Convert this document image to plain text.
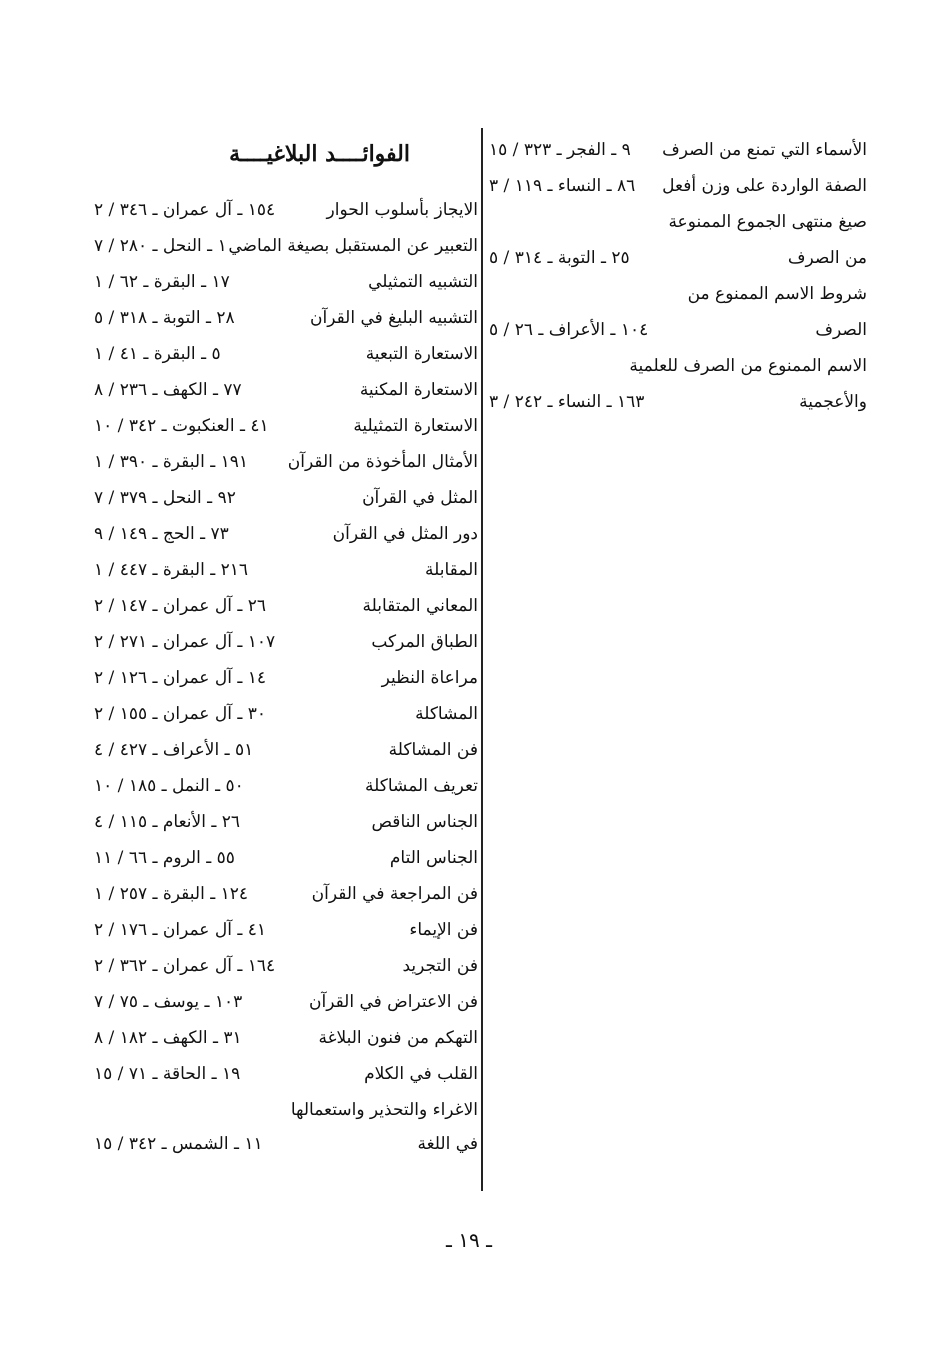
الأسماء التي تمنع من الصرف
٩ ـ الفجر ـ ٣٢٣ / ١٥
الصفة الواردة على وزن أفعل
٨٦ ـ النساء ـ ١١٩ / ٣
صيغ منتهى الجموع الممنوعة
من الصرف
٢٥ ـ التوبة ـ ٣١٤ / ٥
شروط الاسم الممنوع من
الصرف
١٠٤ ـ الأعراف ـ ٢٦ / ٥
الاسم الممنوع من الصرف للعلمية
والأعجمية
١٦٣ ـ النساء ـ ٢٤٢ / ٣
الفوائــــد البلاغيــــة
الايجاز بأسلوب الحوار
١٥٤ ـ آل عمران ـ ٣٤٦ / ٢
التعبير عن المستقبل بصيغة الماضي
١ ـ النحل ـ ٢٨٠ / ٧
التشبيه التمثيلي
١٧ ـ البقرة ـ ٦٢ / ١
التشبيه البليغ في القرآن
٢٨ ـ التوبة ـ ٣١٨ / ٥
الاستعارة التبعية
٥ ـ البقرة ـ ٤١ / ١
الاستعارة المكنية
٧٧ ـ الكهف ـ ٢٣٦ / ٨
الاستعارة التمثيلية
٤١ ـ العنكبوت ـ ٣٤٢ / ١٠
الأمثال المأخوذة من القرآن
١٩١ ـ البقرة ـ ٣٩٠ / ١
المثل في القرآن
٩٢ ـ النحل ـ ٣٧٩ / ٧
دور المثل في القرآن
٧٣ ـ الحج ـ ١٤٩ / ٩
المقابلة
٢١٦ ـ البقرة ـ ٤٤٧ / ١
المعاني المتقابلة
٢٦ ـ آل عمران ـ ١٤٧ / ٢
الطباق المركب
١٠٧ ـ آل عمران ـ ٢٧١ / ٢
مراعاة النظير
١٤ ـ آل عمران ـ ١٢٦ / ٢
المشاكلة
٣٠ ـ آل عمران ـ ١٥٥ / ٢
فن المشاكلة
٥١ ـ الأعراف ـ ٤٢٧ / ٤
تعريف المشاكلة
٥٠ ـ النمل ـ ١٨٥ / ١٠
الجناس الناقص
٢٦ ـ الأنعام ـ ١١٥ / ٤
الجناس التام
٥٥ ـ الروم ـ ٦٦ / ١١
فن المراجعة في القرآن
١٢٤ ـ البقرة ـ ٢٥٧ / ١
فن الإيماء
٤١ ـ آل عمران ـ ١٧٦ / ٢
فن التجريد
١٦٤ ـ آل عمران ـ ٣٦٢ / ٢
فن الاعتراض في القرآن
١٠٣ ـ يوسف ـ ٧٥ / ٧
التهكم من فنون البلاغة
٣١ ـ الكهف ـ ١٨٢ / ٨
القلب في الكلام
١٩ ـ الحاقة ـ ٧١ / ١٥
الاغراء والتحذير واستعمالها
في اللغة
١١ ـ الشمس ـ ٣٤٢ / ١٥
ـ ١٩ ـ
